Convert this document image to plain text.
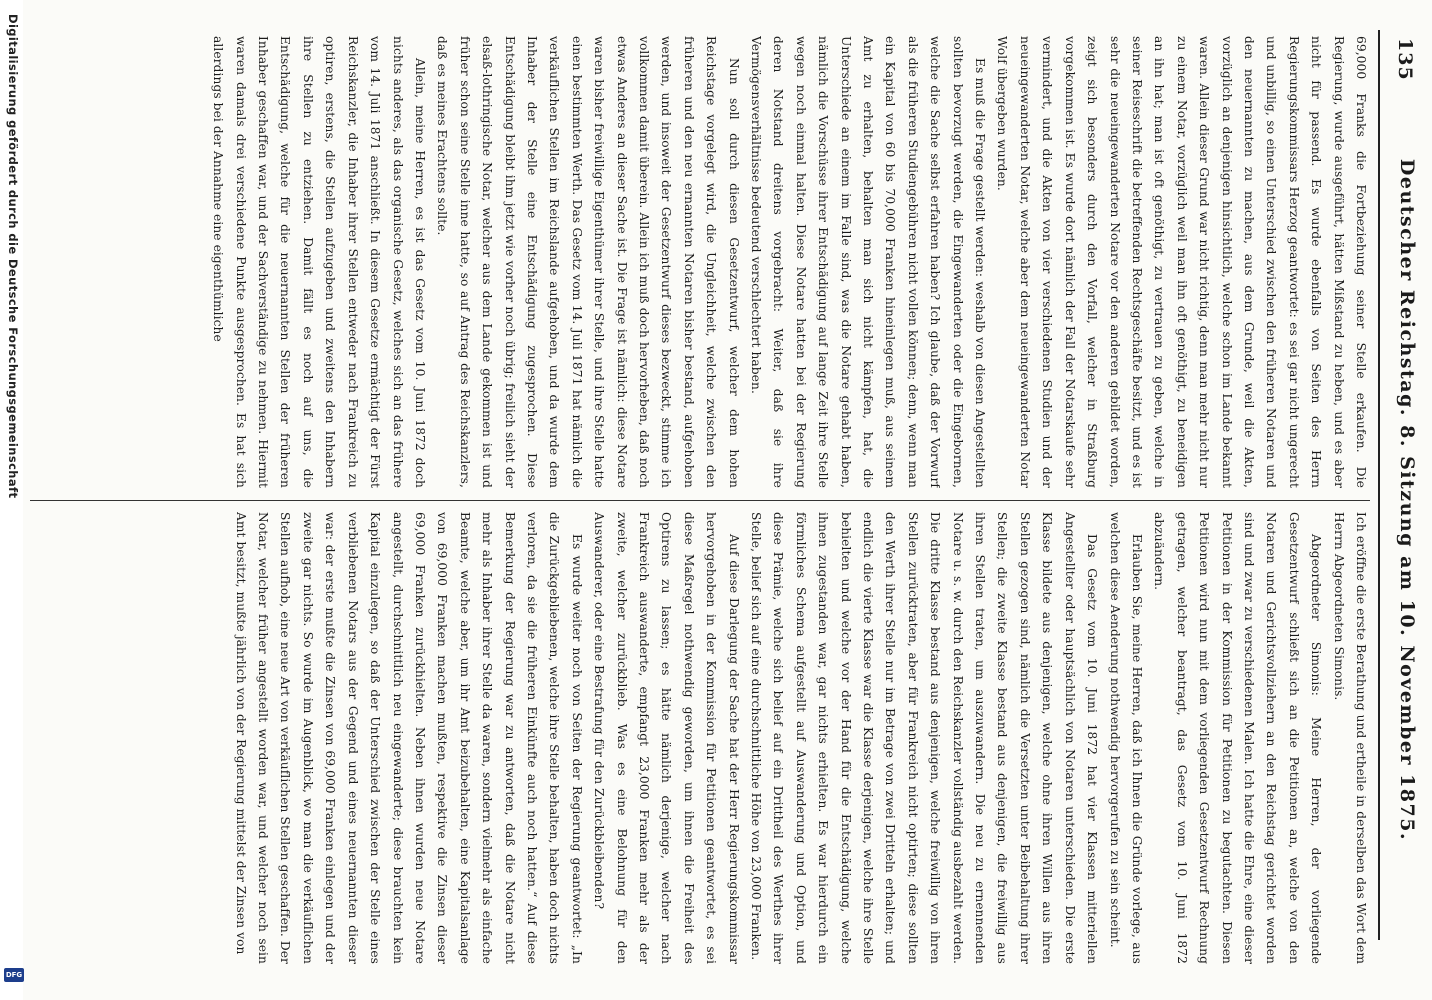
135
Deutscher Reichstag. 8. Sitzung am 10. November 1875.

Ich eröffne die erste Berathung und ertheile in derselben das Wort dem Herrn Abgeordneten Simonis.

Abgeordneter Simonis: Meine Herren, der vorliegende Gesetzentwurf schließt sich an die Petitionen an, welche von den Notaren und Gerichtsvollziehern an den Reichstag gerichtet worden sind und zwar zu verschiedenen Malen. Ich hatte die Ehre, eine dieser Petitionen in der Kommission für Petitionen zu begutachten. Diesen Petitionen wird nun mit dem vorliegenden Gesetzentwurf Rechnung getragen, welcher beantragt, das Gesetz vom 10. Juni 1872 abzuändern.

Erlauben Sie, meine Herren, daß ich Ihnen die Gründe vorlege, aus welchen diese Aenderung nothwendig hervorgerufen zu sein scheint.

Das Gesetz vom 10. Juni 1872 hat vier Klassen mitteriellen Angestellter oder hauptsächlich von Notaren unterschieden. Die erste Klasse bildete aus denjenigen, welche ohne ihren Willen aus ihren Stellen gezogen sind, nämlich die Versetzten unter Beibehaltung ihrer Stellen; die zweite Klasse bestand aus denjenigen, die freiwillig aus ihren Stellen traten, um auszuwandern. Die neu zu ernennenden Notare u. s. w. durch den Reichskanzler vollständig ausbezahlt werden. Die dritte Klasse bestand aus denjenigen, welche freiwillig von ihren Stellen zurücktraten, aber für Frankreich nicht optirten; diese sollten den Werth ihrer Stelle nur im Betrage von zwei Dritteln erhalten; und endlich die vierte Klasse war die Klasse derjenigen, welche ihre Stelle behielten und welche vor der Hand für die Entschädigung, welche ihnen zugestanden war, gar nichts erhielten. Es war hierdurch ein förmliches Schema aufgestellt auf Auswanderung und Option, und diese Prämie, welche sich belief auf ein Drittheil des Werthes ihrer Stelle, belief sich auf eine durchschnittliche Höhe von 23,000 Franken.

Auf diese Darlegung der Sache hat der Herr Regierungskommissar hervorgehoben in der Kommission für Petitionen geantwortet, es sei diese Maßregel nothwendig geworden, um ihnen die Freiheit des Optirens zu lassen; es hätte nämlich derjenige, welcher nach Frankreich auswanderte, empfangt 23,000 Franken mehr als der zweite, welcher zurückblieb. Was es eine Belohnung für den Auswanderer, oder eine Bestrafung für den Zurückbleibenden?

Es wurde weiter noch von Seiten der Regierung geantwortet: „In die Zurückgebliebenen, welche ihre Stelle behalten, haben doch nichts verloren, da sie die früheren Einkünfte auch noch hatten.“ Auf diese Bemerkung der Regierung war zu antworten, daß die Notare nicht mehr als Inhaber ihrer Stelle da waren, sondern vielmehr als einfache Beamte, welche aber, um ihr Amt beizubehalten, eine Kapitalsanlage von 69,000 Franken machen mußten, respektive die Zinsen dieser 69,000 Franken zurückhielten. Neben ihnen wurden neue Notare angestellt, durchschnittlich neu eingewanderte; diese brauchten kein Kapital einzulegen, so daß der Unterschied zwischen der Stelle eines verbliebenen Notars aus der Gegend und eines neuernannten dieser war: der erste mußte die Zinsen von 69,000 Franken einlegen und der zweite gar nichts. So wurde im Augenblick, wo man die verkäuflichen Stellen aufhob, eine neue Art von verkäuflichen Stellen geschaffen. Der Notar, welcher früher angestellt worden war, und welcher noch sein Amt besitzt, mußte jährlich von der Regierung mittelst der Zinsen von

69,000 Franks die Fortbeziehung seiner Stelle erkaufen. Die Regierung, wurde ausgeführt, hätten Mißstand zu heben, und es aber nicht für passend. Es wurde ebenfalls von Seiten des Herrn Regierungskommissars Herzog geantwortet: es sei gar nicht ungerecht und unbillig, so einen Unterschied zwischen den früheren Notaren und den neuernannten zu machen, aus dem Grunde, weil die Akten, vorzüglich an denjenigen hinsichtlich, welche schon im Lande bekannt waren. Allein dieser Grund war nicht richtig, denn man mehr nicht nur zu einem Notar, vorzüglich weil man ihn oft genöthigt, zu beneidigen an ihn hat; man ist oft genöthigt, zu vertrauen zu geben, welche in seiner Reiseschrift die betreffenden Rechtsgeschäfte besitzt, und es ist sehr die neueingewanderten Notare vor den anderen gebildet worden, zeigt sich besonders durch den Vorfall, welcher in Straßburg vorgekommen ist. Es wurde dort nämlich der Fall der Notarskaufe sehr vermindert, und die Akten von vier verschiedenen Studien und der neueingewanderten Notar, welche aber dem neueingewanderten Notar Wolf übergeben wurden.

Es muß die Frage gestellt werden: weshalb von diesen Angestellten sollten bevorzugt werden, die Eingewanderten oder die Eingebornen, welche die Sache selbst erfahren haben? Ich glaube, daß der Vorwurf als die früheren Studiengebühren nicht vollen können; denn, wenn man ein Kapital von 60 bis 70,000 Franken hineinlegen muß, aus seinem Amt zu erhalten, behalten man sich nicht kämpfen, hat, die Unterschiede an einem im Falle sind, was die Notare gehabt haben, nämlich die Vorschüsse ihrer Entschädigung auf lange Zeit ihre Stelle wegen noch einmal halten. Diese Notare hatten bei der Regierung deren Notstand dreitens vorgebracht: Weiter, daß sie ihre Vermögensverhältnisse bedeutend verschlechtert haben.

Nun soll durch diesen Gesetzentwurf, welcher dem hohen Reichstage vorgelegt wird, die Ungleichheit, welche zwischen den früheren und den neu ernannten Notaren bisher bestand, aufgehoben werden, und insoweit der Gesetzentwurf dieses bezweckt, stimme ich vollkommen damit überein. Allein ich muß doch hervorheben, daß noch etwas Anderes an dieser Sache ist. Die Frage ist nämlich: diese Notare waren bisher freiwillige Eigenthümer ihrer Stelle, und ihre Stelle hatte einen bestimmten Werth. Das Gesetz vom 14. Juli 1871 hat nämlich die verkäuflichen Stellen im Reichslande aufgehoben, und da wurde dem Inhaber der Stelle eine Entschädigung zugesprochen. Diese Entschädigung bleibt ihm jetzt wie vorher noch übrig; freilich sieht der elsaß-lothringische Notar, welcher aus dem Lande gekommen ist und früher schon seine Stelle inne hatte, so auf Antrag des Reichskanzlers, daß es meines Erachtens sollte.

Allein, meine Herren, es ist das Gesetz vom 10. Juni 1872 doch nichts anderes, als das organische Gesetz, welches sich an das frühere vom 14. Juli 1871 anschließt. In diesem Gesetze ermächtigt der Fürst Reichskanzler, die Inhaber ihrer Stellen entweder nach Frankreich zu optiren, erstens, die Stellen aufzugeben und zweitens den Inhabern ihre Stellen zu entziehen. Damit fällt es noch auf uns, die Entschädigung, welche für die neuernannten Stellen der früheren Inhaber geschaffen war, und der Sachverständige zu nehmen. Hiermit waren damals drei verschiedene Punkte ausgesprochen. Es hat sich allerdings bei der Annahme eine eigenthümliche

Digitalisierung gefördert durch die Deutsche Forschungsgemeinschaft
DFG
